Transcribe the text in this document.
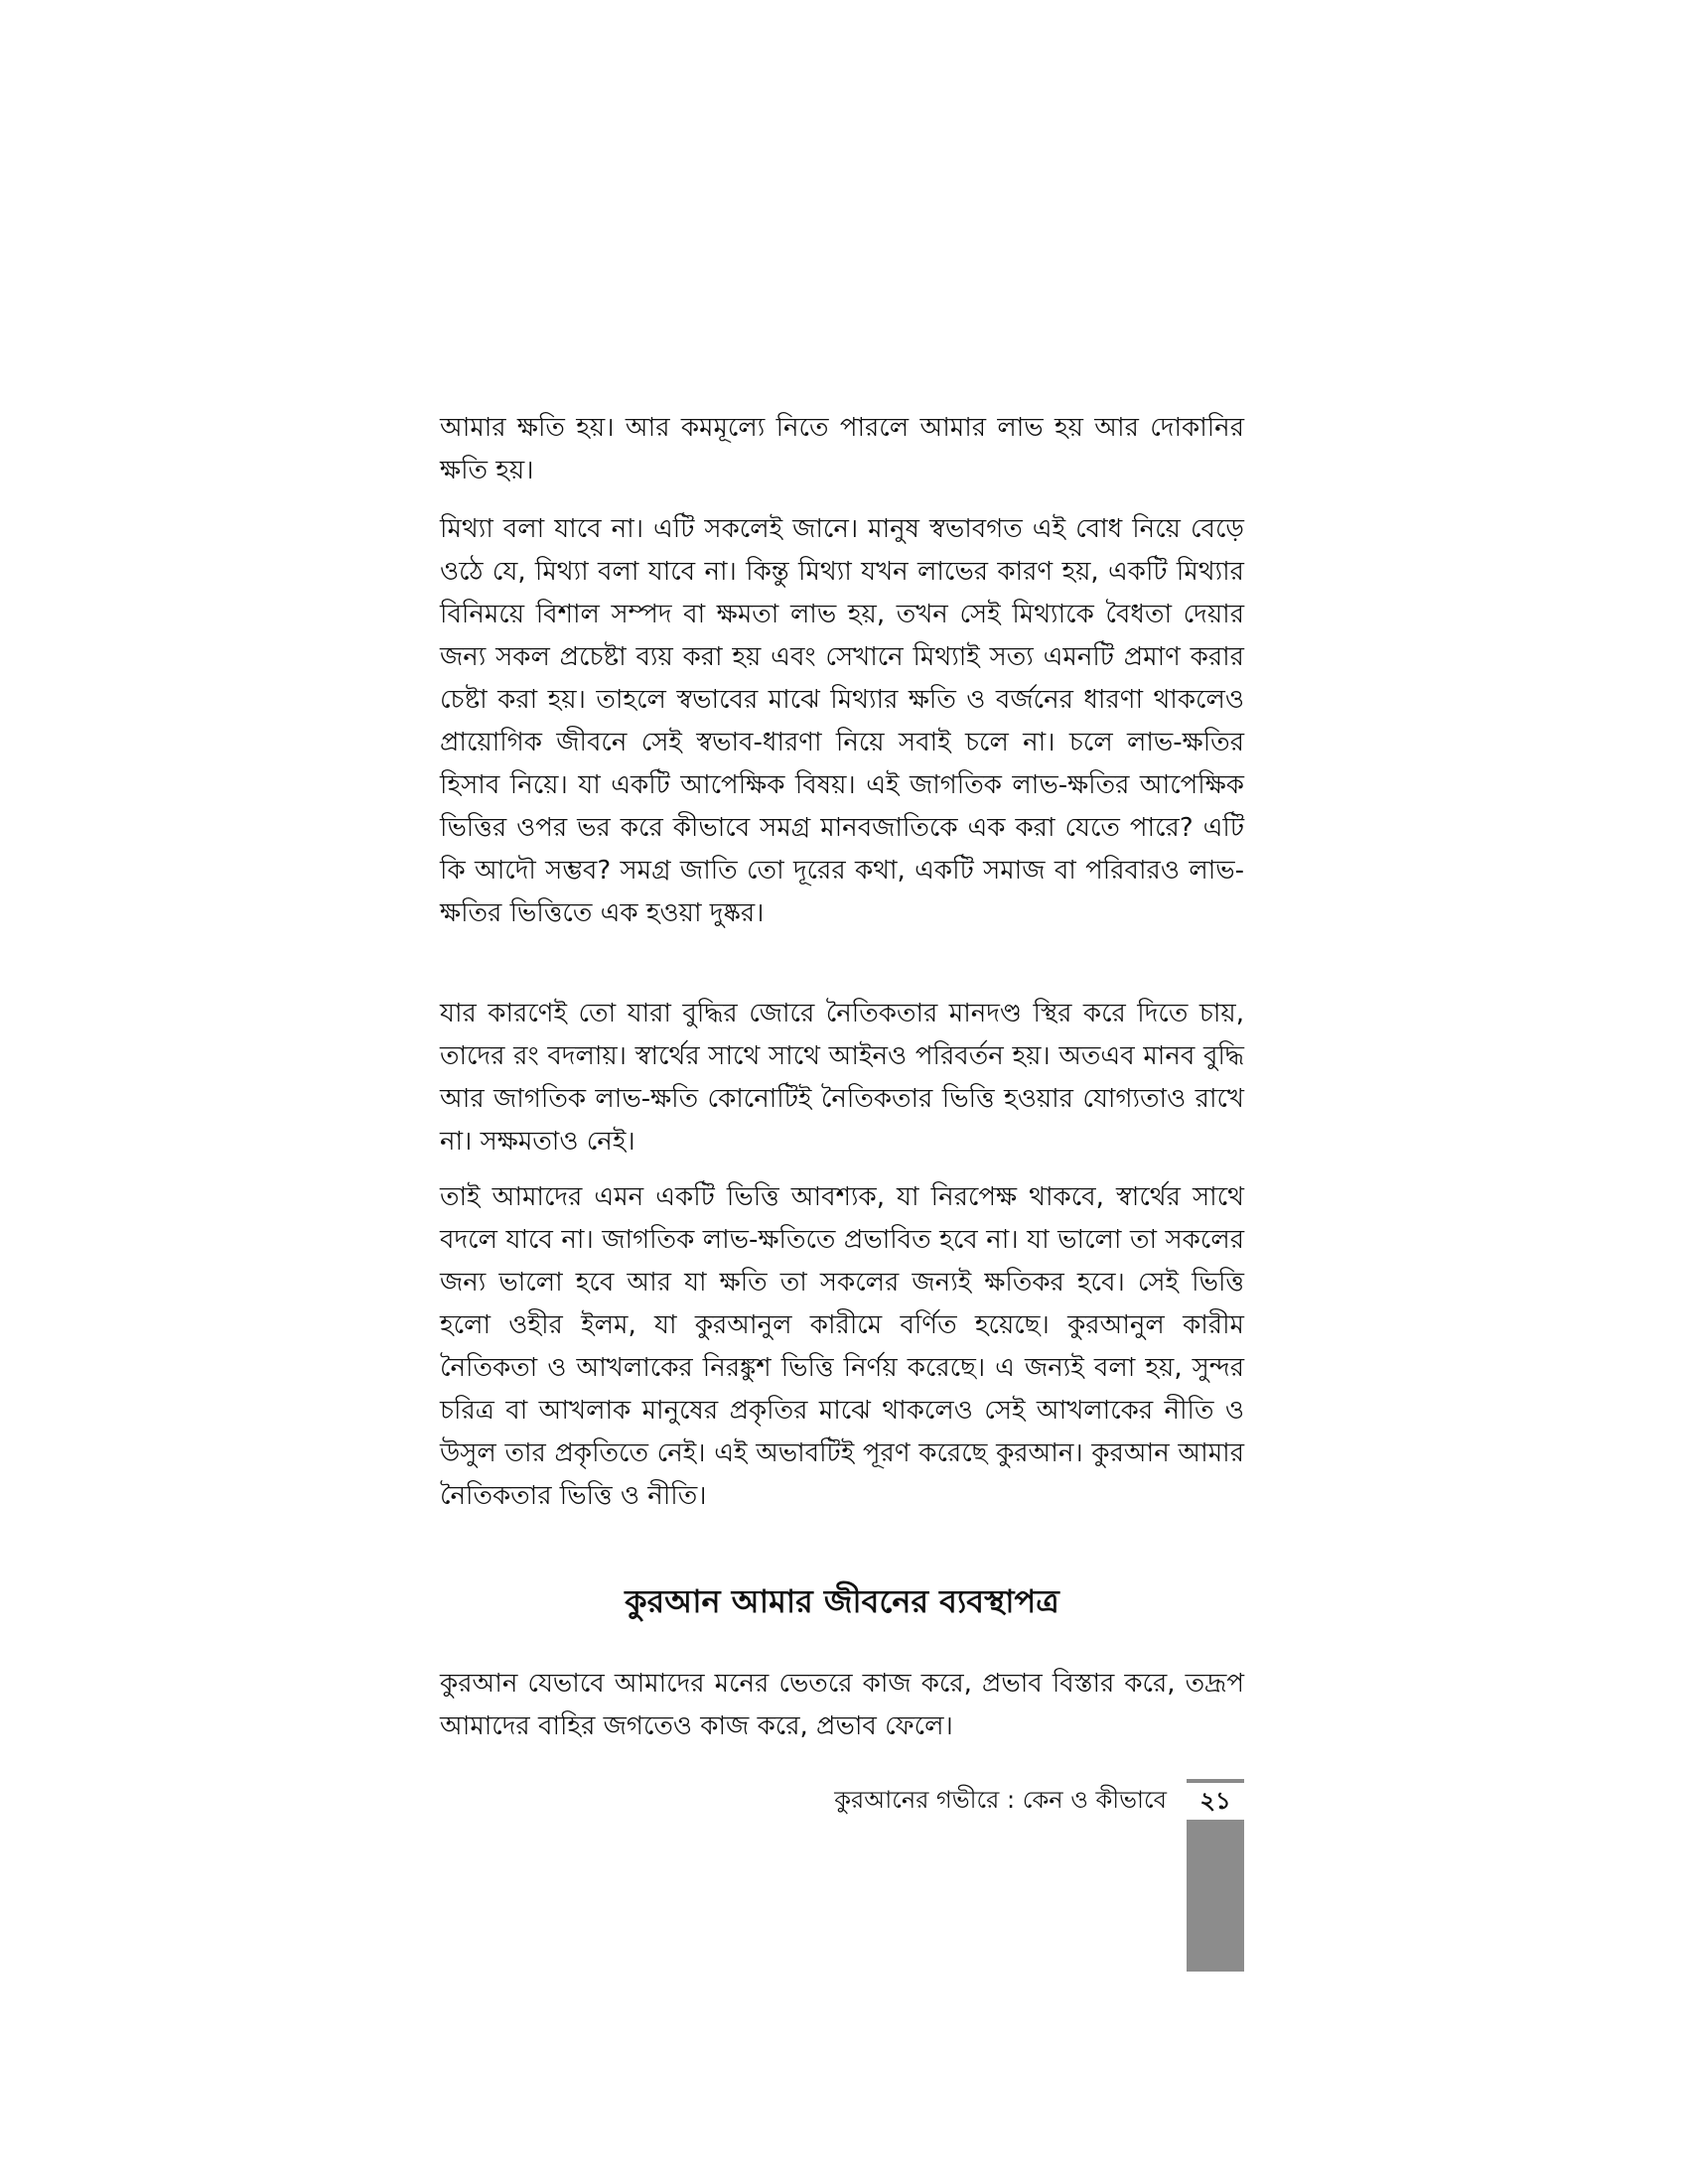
আমার ক্ষতি হয়। আর কমমূল্যে নিতে পারলে আমার লাভ হয় আর দোকানির ক্ষতি হয়।

মিথ্যা বলা যাবে না। এটি সকলেই জানে। মানুষ স্বভাবগত এই বোধ নিয়ে বেড়ে ওঠে যে, মিথ্যা বলা যাবে না। কিন্তু মিথ্যা যখন লাভের কারণ হয়, একটি মিথ্যার বিনিময়ে বিশাল সম্পদ বা ক্ষমতা লাভ হয়, তখন সেই মিথ্যাকে বৈধতা দেয়ার জন্য সকল প্রচেষ্টা ব্যয় করা হয় এবং সেখানে মিথ্যাই সত্য এমনটি প্রমাণ করার চেষ্টা করা হয়। তাহলে স্বভাবের মাঝে মিথ্যার ক্ষতি ও বর্জনের ধারণা থাকলেও প্রায়োগিক জীবনে সেই স্বভাব-ধারণা নিয়ে সবাই চলে না। চলে লাভ-ক্ষতির হিসাব নিয়ে। যা একটি আপেক্ষিক বিষয়। এই জাগতিক লাভ-ক্ষতির আপেক্ষিক ভিত্তির ওপর ভর করে কীভাবে সমগ্র মানবজাতিকে এক করা যেতে পারে? এটি কি আদৌ সম্ভব? সমগ্র জাতি তো দূরের কথা, একটি সমাজ বা পরিবারও লাভ-ক্ষতির ভিত্তিতে এক হওয়া দুষ্কর।

যার কারণেই তো যারা বুদ্ধির জোরে নৈতিকতার মানদণ্ড স্থির করে দিতে চায়, তাদের রং বদলায়। স্বার্থের সাথে সাথে আইনও পরিবর্তন হয়। অতএব মানব বুদ্ধি আর জাগতিক লাভ-ক্ষতি কোনোটিই নৈতিকতার ভিত্তি হওয়ার যোগ্যতাও রাখে না। সক্ষমতাও নেই।

তাই আমাদের এমন একটি ভিত্তি আবশ্যক, যা নিরপেক্ষ থাকবে, স্বার্থের সাথে বদলে যাবে না। জাগতিক লাভ-ক্ষতিতে প্রভাবিত হবে না। যা ভালো তা সকলের জন্য ভালো হবে আর যা ক্ষতি তা সকলের জন্যই ক্ষতিকর হবে। সেই ভিত্তি হলো ওহীর ইলম, যা কুরআনুল কারীমে বর্ণিত হয়েছে। কুরআনুল কারীম নৈতিকতা ও আখলাকের নিরঙ্কুশ ভিত্তি নির্ণয় করেছে। এ জন্যই বলা হয়, সুন্দর চরিত্র বা আখলাক মানুষের প্রকৃতির মাঝে থাকলেও সেই আখলাকের নীতি ও উসুল তার প্রকৃতিতে নেই। এই অভাবটিই পূরণ করেছে কুরআন। কুরআন আমার নৈতিকতার ভিত্তি ও নীতি।

কুরআন আমার জীবনের ব্যবস্থাপত্র

কুরআন যেভাবে আমাদের মনের ভেতরে কাজ করে, প্রভাব বিস্তার করে, তদ্রূপ আমাদের বাহির জগতেও কাজ করে, প্রভাব ফেলে।

কুরআনের গভীরে : কেন ও কীভাবে	২১
